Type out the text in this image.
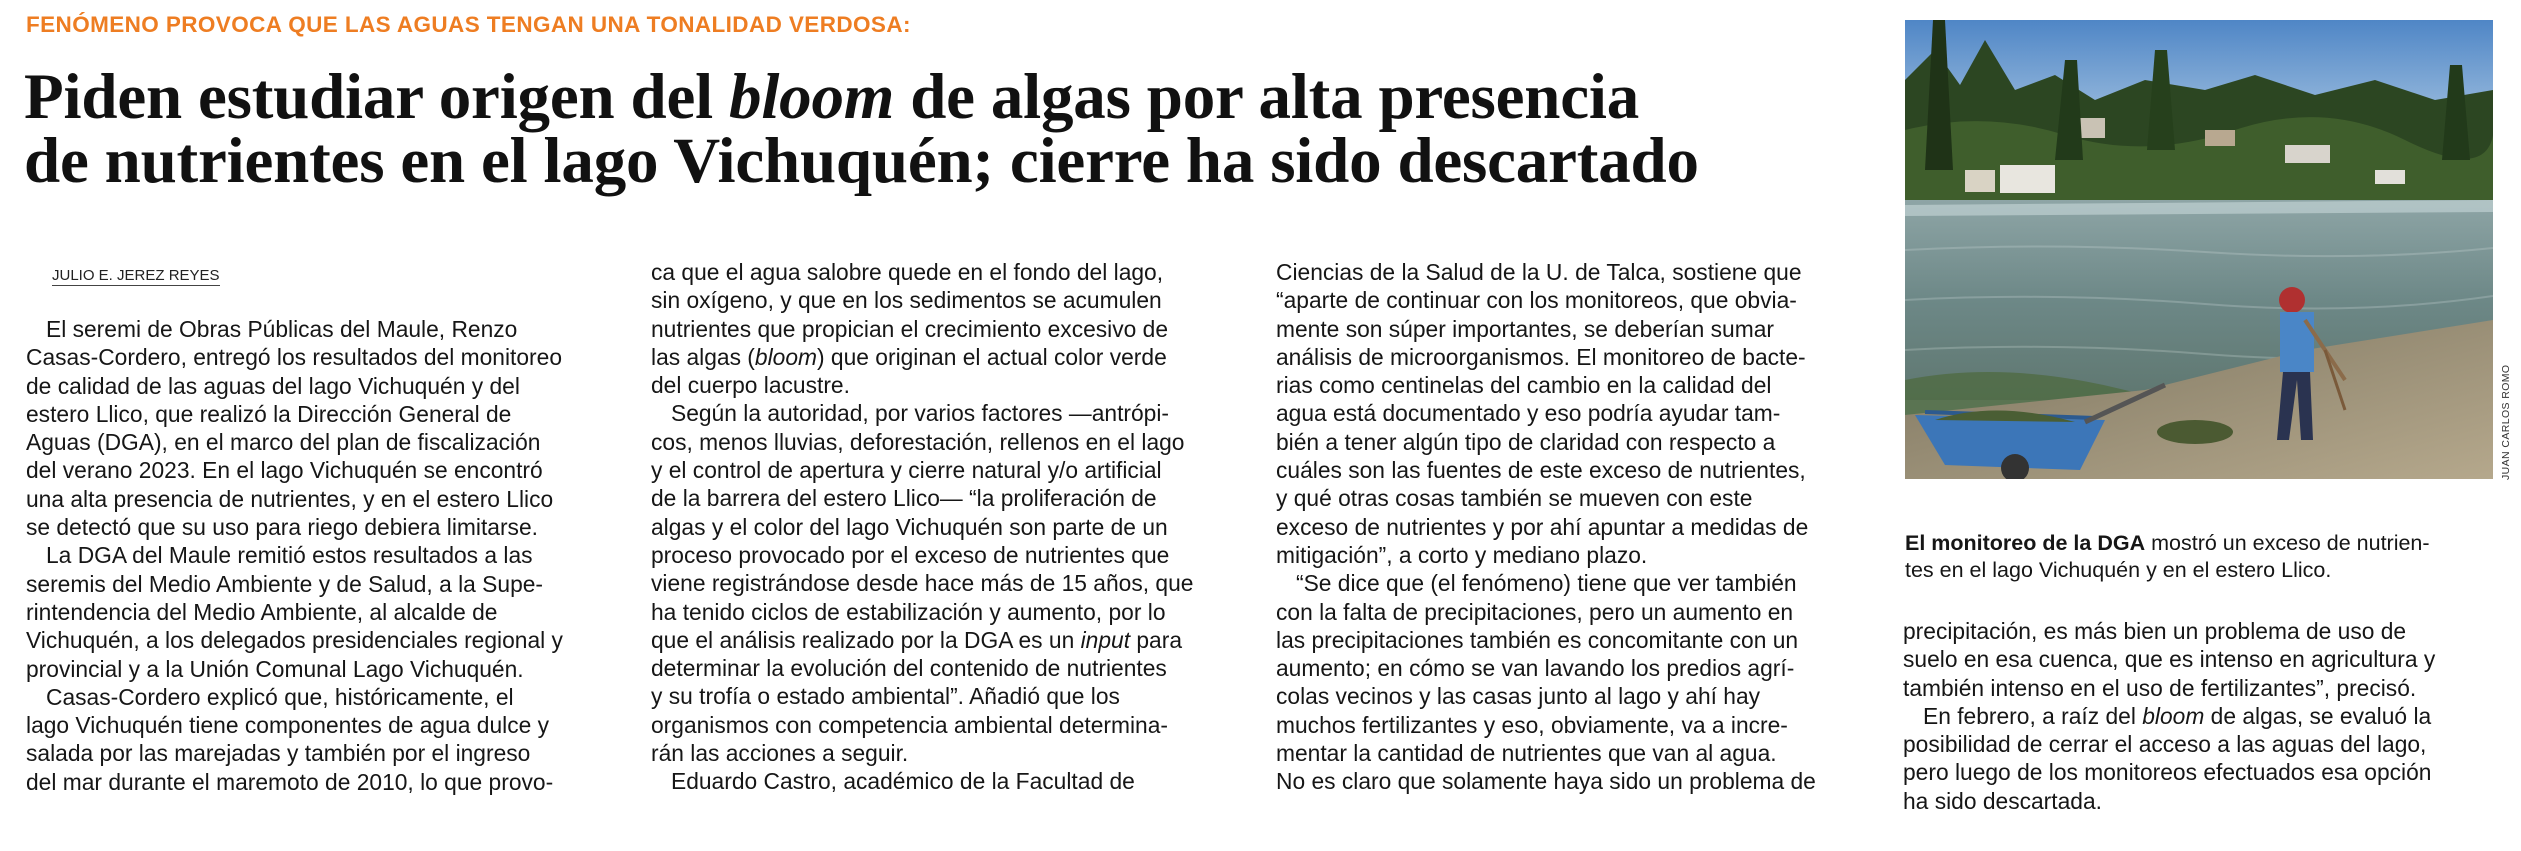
FENÓMENO PROVOCA QUE LAS AGUAS TENGAN UNA TONALIDAD VERDOSA:
Piden estudiar origen del bloom de algas por alta presencia
de nutrientes en el lago Vichuquén; cierre ha sido descartado
JULIO E. JEREZ REYES
El seremi de Obras Públicas del Maule, Renzo
Casas-Cordero, entregó los resultados del monitoreo
de calidad de las aguas del lago Vichuquén y del
estero Llico, que realizó la Dirección General de
Aguas (DGA), en el marco del plan de fiscalización
del verano 2023. En el lago Vichuquén se encontró
una alta presencia de nutrientes, y en el estero Llico
se detectó que su uso para riego debiera limitarse.
La DGA del Maule remitió estos resultados a las
seremis del Medio Ambiente y de Salud, a la Supe-
rintendencia del Medio Ambiente, al alcalde de
Vichuquén, a los delegados presidenciales regional y
provincial y a la Unión Comunal Lago Vichuquén.
Casas-Cordero explicó que, históricamente, el
lago Vichuquén tiene componentes de agua dulce y
salada por las marejadas y también por el ingreso
del mar durante el maremoto de 2010, lo que provo-
ca que el agua salobre quede en el fondo del lago,
sin oxígeno, y que en los sedimentos se acumulen
nutrientes que propician el crecimiento excesivo de
las algas (bloom) que originan el actual color verde
del cuerpo lacustre.
Según la autoridad, por varios factores —antrópi-
cos, menos lluvias, deforestación, rellenos en el lago
y el control de apertura y cierre natural y/o artificial
de la barrera del estero Llico— “la proliferación de
algas y el color del lago Vichuquén son parte de un
proceso provocado por el exceso de nutrientes que
viene registrándose desde hace más de 15 años, que
ha tenido ciclos de estabilización y aumento, por lo
que el análisis realizado por la DGA es un input para
determinar la evolución del contenido de nutrientes
y su trofía o estado ambiental”. Añadió que los
organismos con competencia ambiental determina-
rán las acciones a seguir.
Eduardo Castro, académico de la Facultad de
Ciencias de la Salud de la U. de Talca, sostiene que
“aparte de continuar con los monitoreos, que obvia-
mente son súper importantes, se deberían sumar
análisis de microorganismos. El monitoreo de bacte-
rias como centinelas del cambio en la calidad del
agua está documentado y eso podría ayudar tam-
bién a tener algún tipo de claridad con respecto a
cuáles son las fuentes de este exceso de nutrientes,
y qué otras cosas también se mueven con este
exceso de nutrientes y por ahí apuntar a medidas de
mitigación”, a corto y mediano plazo.
“Se dice que (el fenómeno) tiene que ver también
con la falta de precipitaciones, pero un aumento en
las precipitaciones también es concomitante con un
aumento; en cómo se van lavando los predios agrí-
colas vecinos y las casas junto al lago y ahí hay
muchos fertilizantes y eso, obviamente, va a incre-
mentar la cantidad de nutrientes que van al agua.
No es claro que solamente haya sido un problema de
JUAN CARLOS ROMO
El monitoreo de la DGA mostró un exceso de nutrien-
tes en el lago Vichuquén y en el estero Llico.
precipitación, es más bien un problema de uso de
suelo en esa cuenca, que es intenso en agricultura y
también intenso en el uso de fertilizantes”, precisó.
En febrero, a raíz del bloom de algas, se evaluó la
posibilidad de cerrar el acceso a las aguas del lago,
pero luego de los monitoreos efectuados esa opción
ha sido descartada.
